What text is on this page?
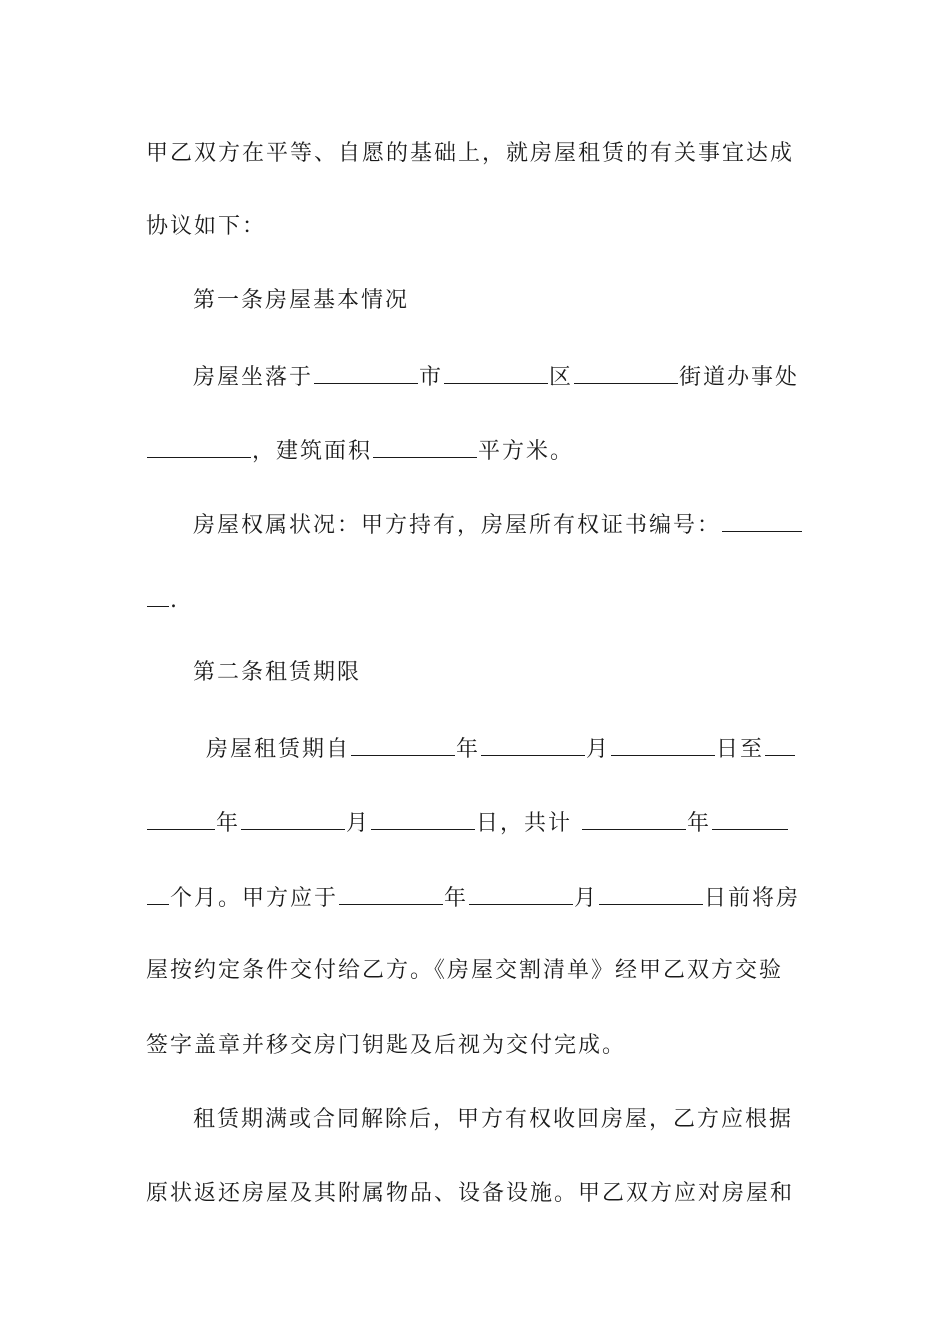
甲乙双方在平等、自愿的基础上，就房屋租赁的有关事宜达成
协议如下：
第一条房屋基本情况
房屋坐落于	市	区	街道办事处
，建筑面积	平方米。
房屋权属状况：甲方持有，房屋所有权证书编号：
.
第二条租赁期限
房屋租赁期自	年	月	日至
年	月	日，共计	年
个月。甲方应于	年	月	日前将房
屋按约定条件交付给乙方。《房屋交割清单》经甲乙双方交验
签字盖章并移交房门钥匙及后视为交付完成。
租赁期满或合同解除后，甲方有权收回房屋，乙方应根据
原状返还房屋及其附属物品、设备设施。甲乙双方应对房屋和
